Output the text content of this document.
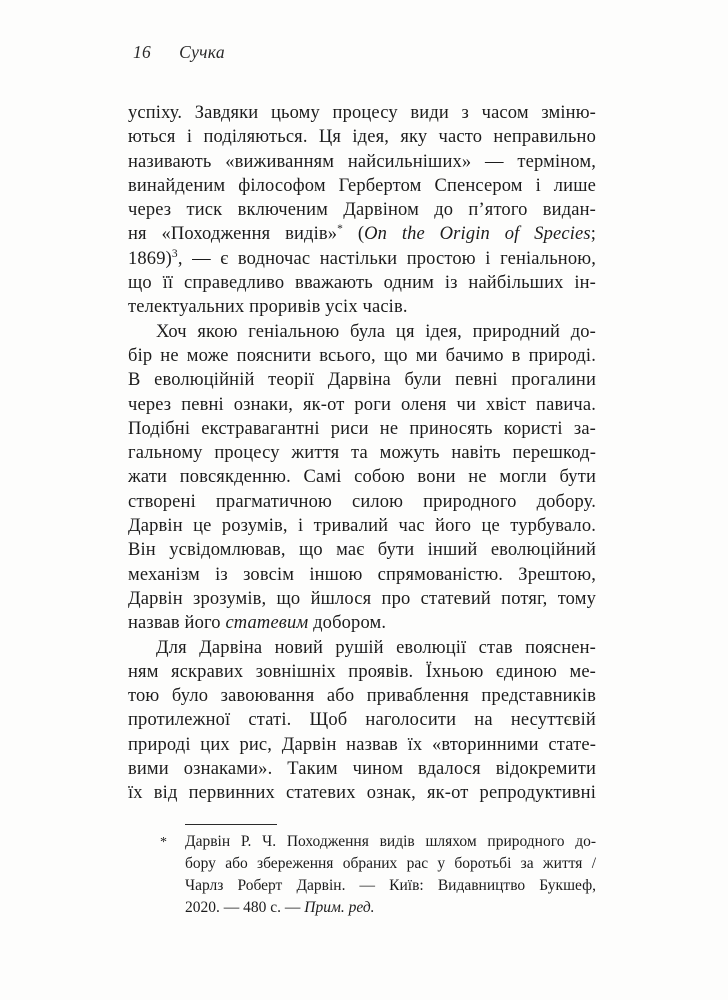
16 Сучка
успіху. Завдяки цьому процесу види з часом зміню-
ються і поділяються. Ця ідея, яку часто неправильно
називають «виживанням найсильніших» — терміном,
винайденим філософом Гербертом Спенсером і лише
через тиск включеним Дарвіном до п’ятого видан-
ня «Походження видів»* (On the Origin of Species;
1869)$^3$, — є водночас настільки простою і геніальною,
що її справедливо вважають одним із найбільших ін-
телектуальних проривів усіх часів.
Хоч якою геніальною була ця ідея, природний до-
бір не може пояснити всього, що ми бачимо в природі.
В еволюційній теорії Дарвіна були певні прогалини
через певні ознаки, як-от роги оленя чи хвіст павича.
Подібні екстравагантні риси не приносять користі за-
гальному процесу життя та можуть навіть перешкод-
жати повсякденню. Самі собою вони не могли бути
створені прагматичною силою природного добору.
Дарвін це розумів, і тривалий час його це турбувало.
Він усвідомлював, що має бути інший еволюційний
механізм із зовсім іншою спрямованістю. Зрештою,
Дарвін зрозумів, що йшлося про статевий потяг, тому
назвав його статевим добором.
Для Дарвіна новий рушій еволюції став пояснен-
ням яскравих зовнішніх проявів. Їхньою єдиною ме-
тою було завоювання або приваблення представників
протилежної статі. Щоб наголосити на несуттєвій
природі цих рис, Дарвін назвав їх «вторинними стате-
вими ознаками». Таким чином вдалося відокремити
їх від первинних статевих ознак, як-от репродуктивні
* Дарвін Р. Ч. Походження видів шляхом природного до-
бору або збереження обраних рас у боротьбі за життя /
Чарлз Роберт Дарвін. — Київ: Видавництво Букшеф,
2020. — 480 с. — Прим. ред.
